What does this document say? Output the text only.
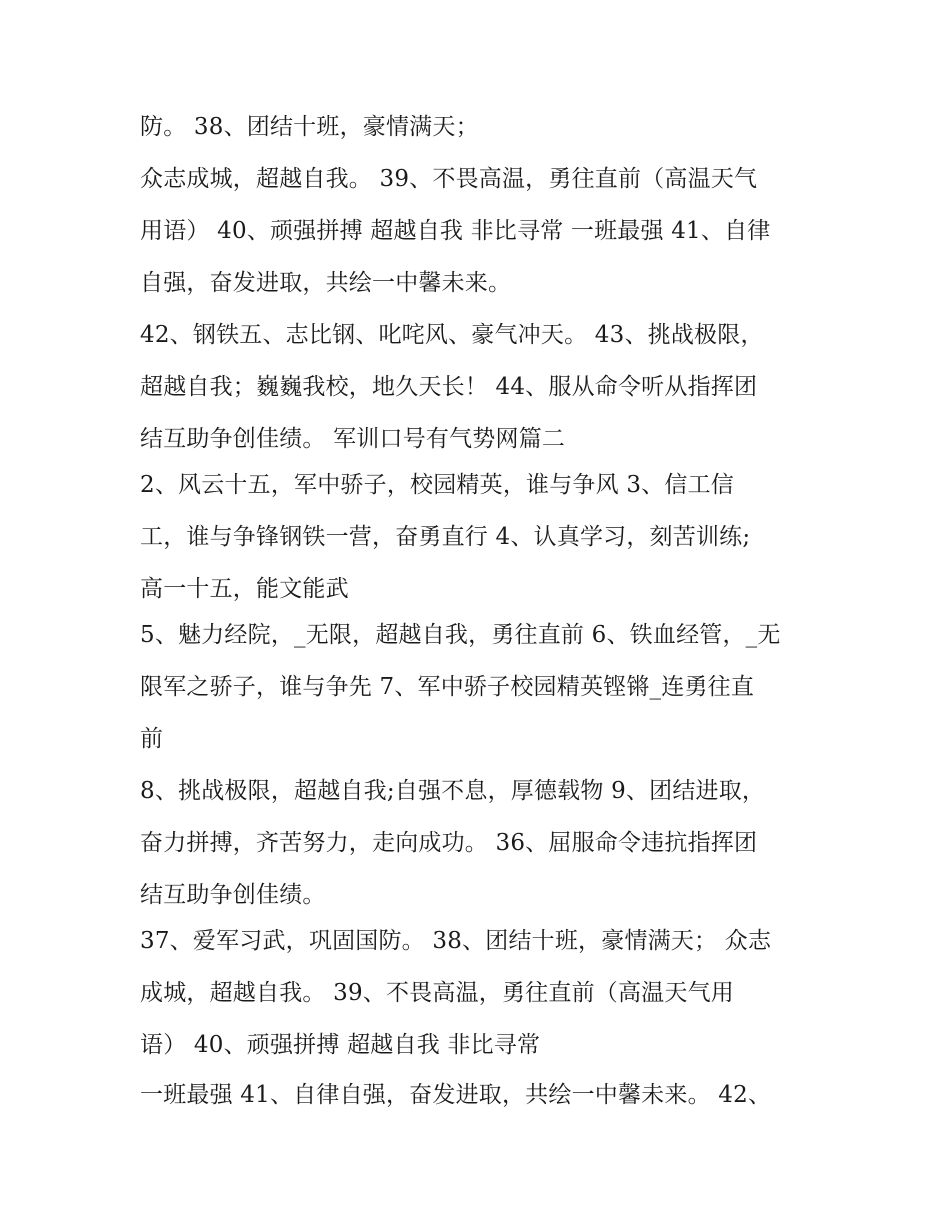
防。 38、团结十班，豪情满天；
众志成城，超越自我。 39、不畏高温，勇往直前（高温天气
用语） 40、顽强拼搏 超越自我 非比寻常 一班最强 41、自律
自强，奋发进取，共绘一中馨未来。
42、钢铁五、志比钢、叱咤风、豪气冲天。 43、挑战极限，
超越自我；巍巍我校，地久天长！ 44、服从命令听从指挥团
结互助争创佳绩。 军训口号有气势网篇二
2、风云十五，军中骄子，校园精英，谁与争风 3、信工信
工，谁与争锋钢铁一营，奋勇直行 4、认真学习，刻苦训练;
高一十五，能文能武
5、魅力经院，_无限，超越自我，勇往直前 6、铁血经管，_无
限军之骄子，谁与争先 7、军中骄子校园精英铿锵_连勇往直
前
8、挑战极限，超越自我;自强不息，厚德载物 9、团结进取，
奋力拼搏，齐苦努力，走向成功。 36、屈服命令违抗指挥团
结互助争创佳绩。
37、爱军习武，巩固国防。 38、团结十班，豪情满天； 众志
成城，超越自我。 39、不畏高温，勇往直前（高温天气用
语） 40、顽强拼搏 超越自我 非比寻常
一班最强 41、自律自强，奋发进取，共绘一中馨未来。 42、
